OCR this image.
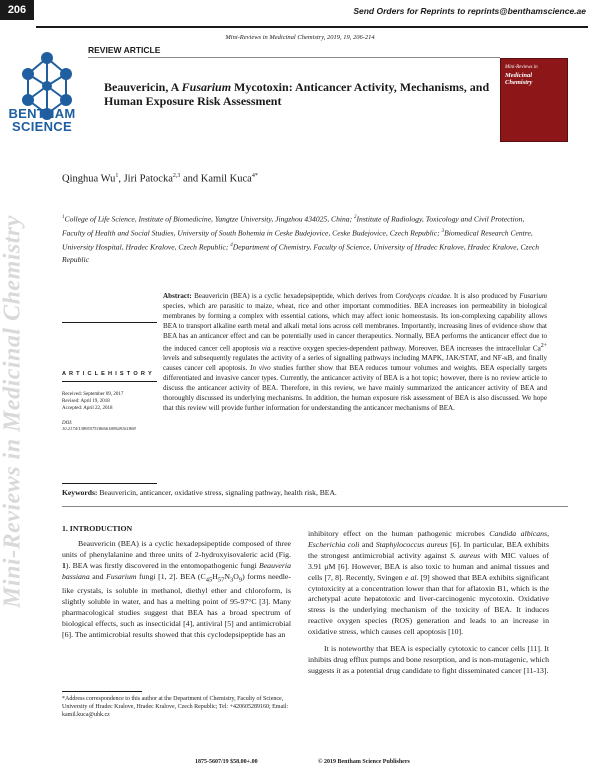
206	Send Orders for Reprints to reprints@benthamscience.ae
Mini-Reviews in Medicinal Chemistry, 2019, 19, 206-214
REVIEW ARTICLE
BENTHAM
SCIENCE
Beauvericin, A Fusarium Mycotoxin: Anticancer Activity, Mechanisms, and Human Exposure Risk Assessment
Mini-Reviews in
Medicinal
Chemistry
Mini-Reviews in Medicinal Chemistry
Qinghua Wu$^1$, Jiri Patocka$^{2,3}$ and Kamil Kuca$^{4*}$
$^1$College of Life Science, Institute of Biomedicine, Yangtze University, Jingzhou 434025, China; $^2$Institute of Radiology, Toxicology and Civil Protection, Faculty of Health and Social Studies, University of South Bohemia in Ceske Budejovice, Ceske Budejovice, Czech Republic; $^3$Biomedical Research Centre, University Hospital, Hradec Kralove, Czech Republic; $^4$Department of Chemistry, Faculty of Science, University of Hradec Kralove, Hradec Kralove, Czech Republic
A R T I C L E H I S T O R Y
Received: September 09, 2017
Revised: April 19, 2018
Accepted: April 22, 2018
DOI:
10.2174/1389557518666180928161808
Abstract: Beauvericin (BEA) is a cyclic hexadepsipeptide, which derives from Cordyceps cicadae. It is also produced by Fusarium species, which are parasitic to maize, wheat, rice and other important commodities. BEA increases ion permeability in biological membranes by forming a complex with essential cations, which may affect ionic homeostasis. Its ion-complexing capability allows BEA to transport alkaline earth metal and alkali metal ions across cell membranes. Importantly, increasing lines of evidence show that BEA has an anticancer effect and can be potentially used in cancer therapeutics. Normally, BEA performs the anticancer effect due to the induced cancer cell apoptosis via a reactive oxygen species-dependent pathway. Moreover, BEA increases the intracellular $Ca^{2+}$ levels and subsequently regulates the activity of a series of signalling pathways including MAPK, JAK/STAT, and NF-κB, and finally causes cancer cell apoptosis. In vivo studies further show that BEA reduces tumour volumes and weights. BEA especially targets differentiated and invasive cancer types. Currently, the anticancer activity of BEA is a hot topic; however, there is no review article to discuss the anticancer activity of BEA. Therefore, in this review, we have mainly summarized the anticancer activity of BEA and thoroughly discussed its underlying mechanisms. In addition, the human exposure risk assessment of BEA is also discussed. We hope that this review will provide further information for understanding the anticancer mechanisms of BEA.
Keywords: Beauvericin, anticancer, oxidative stress, signaling pathway, health risk, BEA.
1. INTRODUCTION

Beauvericin (BEA) is a cyclic hexadepsipeptide composed of three units of phenylalanine and three units of 2-hydroxyisovaleric acid (Fig. 1). BEA was firstly discovered in the entomopathogenic fungi Beauveria bassiana and Fusarium fungi [1, 2]. BEA $(C_{45}H_{57}N_3O_9)$ forms needle-like crystals, is soluble in methanol, diethyl ether and chloroform, is slightly soluble in water, and has a melting point of 95-97°C [3]. Many pharmacological studies suggest that BEA has a broad spectrum of biological effects, such as insecticidal [4], antiviral [5] and antimicrobial [6]. The antimicrobial results showed that this cyclodepsipeptide has an

inhibitory effect on the human pathogenic microbes Candida albicans, Escherichia coli and Staphylococcus aureus [6]. In particular, BEA exhibits the strongest antimicrobial activity against S. aureus with MIC values of 3.91 μM [6]. However, BEA is also toxic to human and animal tissues and cells [7, 8]. Recently, Svingen e al. [9] showed that BEA exhibits significant cytotoxicity at a concentration lower than that for aflatoxin B1, which is the archetypal acute hepatotoxic and liver-carcinogenic mycotoxin. Oxidative stress is the underlying mechanism of the toxicity of BEA. It induces reactive oxygen species (ROS) generation and leads to an increase in oxidative stress, which causes cell apoptosis [10].

It is noteworthy that BEA is especially cytotoxic to cancer cells [11]. It inhibits drug efflux pumps and bone resorption, and is non-mutagenic, which suggests it as a potential drug candidate to fight disseminated cancer [11-13].

*Address correspondence to this author at the Department of Chemistry, Faculty of Science, University of Hradec Kralove, Hradec Kralove, Czech Republic; Tel: +420605289160; Email: kamil.kuca@uhk.cz
1875-5607/19 $58.00+.00	© 2019 Bentham Science Publishers
